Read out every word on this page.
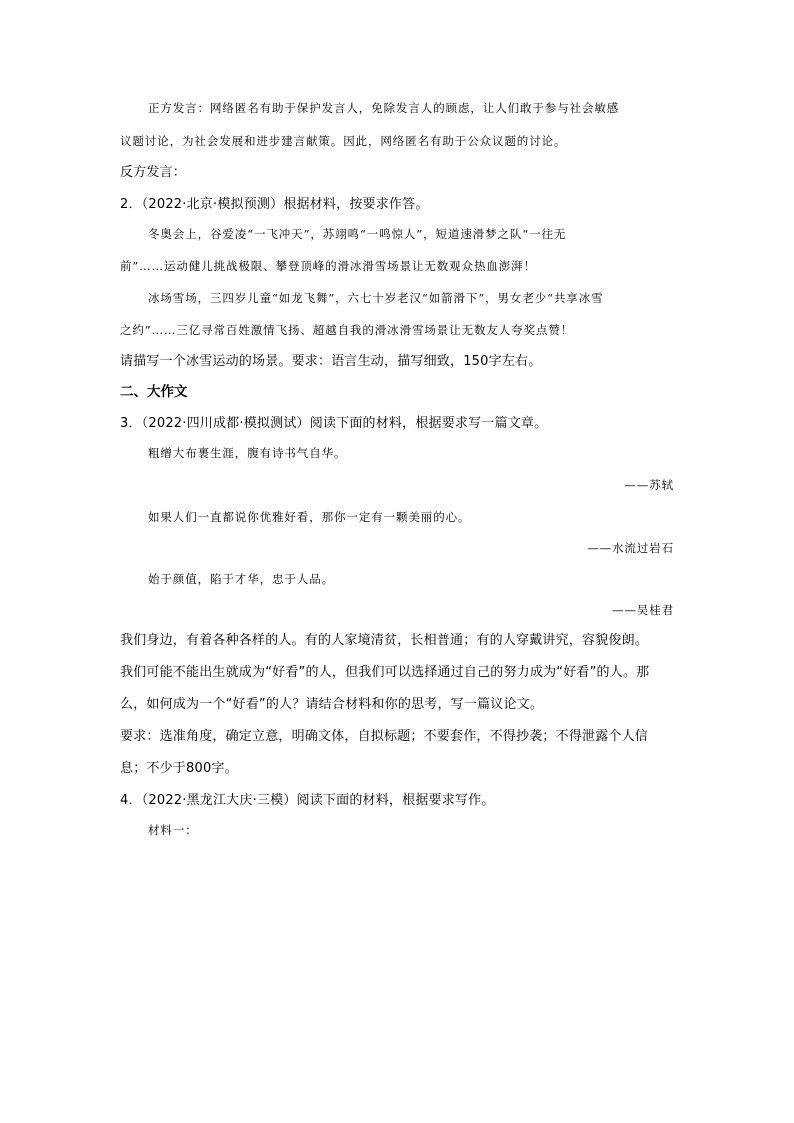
正方发言：网络匿名有助于保护发言人，免除发言人的顾虑，让人们敢于参与社会敏感
议题讨论，为社会发展和进步建言献策。因此，网络匿名有助于公众议题的讨论。
反方发言：
2．（2022·北京·模拟预测）根据材料，按要求作答。
冬奥会上，谷爱凌“一飞冲天”，苏翊鸣“一鸣惊人”，短道速滑梦之队“一往无
前”……运动健儿挑战极限、攀登顶峰的滑冰滑雪场景让无数观众热血澎湃！
冰场雪场，三四岁儿童“如龙飞舞”，六七十岁老汉“如箭滑下”，男女老少“共享冰雪
之约”……三亿寻常百姓激情飞扬、超越自我的滑冰滑雪场景让无数友人夸奖点赞！
请描写一个冰雪运动的场景。要求：语言生动，描写细致，150字左右。
二、大作文
3．（2022·四川成都·模拟测试）阅读下面的材料，根据要求写一篇文章。
粗缯大布裹生涯，腹有诗书气自华。
——苏轼
如果人们一直都说你优雅好看，那你一定有一颗美丽的心。
——水流过岩石
始于颜值，陷于才华，忠于人品。
——吴桂君
我们身边，有着各种各样的人。有的人家境清贫，长相普通；有的人穿戴讲究，容貌俊朗。
我们可能不能出生就成为“好看”的人，但我们可以选择通过自己的努力成为“好看”的人。那
么，如何成为一个“好看”的人？请结合材料和你的思考，写一篇议论文。
要求：选准角度，确定立意，明确文体，自拟标题；不要套作，不得抄袭；不得泄露个人信
息；不少于800字。
4．（2022·黑龙江大庆·三模）阅读下面的材料，根据要求写作。
材料一：
